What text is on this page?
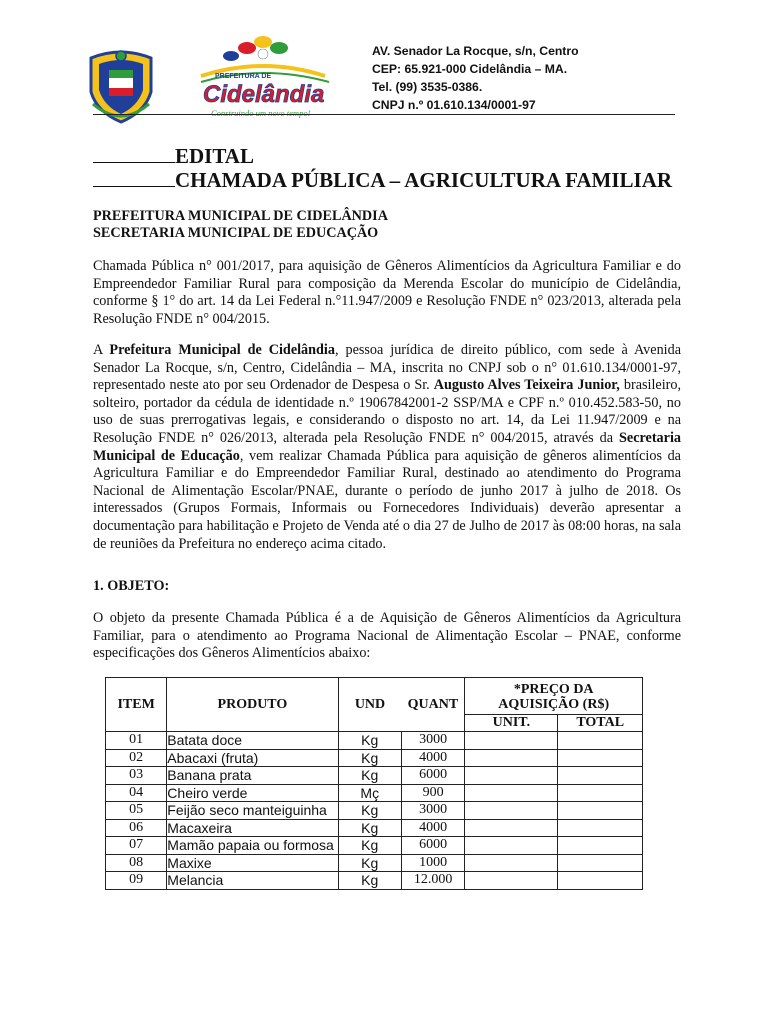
PREFEITURA DE
Cidelândia
Construindo um novo tempo!
AV. Senador La Rocque, s/n, Centro
CEP: 65.921-000 Cidelândia – MA.
Tel. (99) 3535-0386.
CNPJ n.º 01.610.134/0001-97
EDITAL
CHAMADA PÚBLICA – AGRICULTURA FAMILIAR
PREFEITURA MUNICIPAL DE CIDELÂNDIA
SECRETARIA MUNICIPAL DE EDUCAÇÃO
Chamada Pública n° 001/2017, para aquisição de Gêneros Alimentícios da Agricultura Familiar e do Empreendedor Familiar Rural para composição da Merenda Escolar do município de Cidelândia, conforme § 1° do art. 14 da Lei Federal n.°11.947/2009 e Resolução FNDE n° 023/2013, alterada pela Resolução FNDE n° 004/2015.
A Prefeitura Municipal de Cidelândia, pessoa jurídica de direito público, com sede à Avenida Senador La Rocque, s/n, Centro, Cidelândia – MA, inscrita no CNPJ sob o n° 01.610.134/0001-97, representado neste ato por seu Ordenador de Despesa o Sr. Augusto Alves Teixeira Junior, brasileiro, solteiro, portador da cédula de identidade n.º 19067842001-2 SSP/MA e CPF n.º 010.452.583-50, no uso de suas prerrogativas legais, e considerando o disposto no art. 14, da Lei 11.947/2009 e na Resolução FNDE n° 026/2013, alterada pela Resolução FNDE n° 004/2015, através da Secretaria Municipal de Educação, vem realizar Chamada Pública para aquisição de gêneros alimentícios da Agricultura Familiar e do Empreendedor Familiar Rural, destinado ao atendimento do Programa Nacional de Alimentação Escolar/PNAE, durante o período de junho 2017 à julho de 2018. Os interessados (Grupos Formais, Informais ou Fornecedores Individuais) deverão apresentar a documentação para habilitação e Projeto de Venda até o dia 27 de Julho de 2017 às 08:00 horas, na sala de reuniões da Prefeitura no endereço acima citado.
1. OBJETO:
O objeto da presente Chamada Pública é a de Aquisição de Gêneros Alimentícios da Agricultura Familiar, para o atendimento ao Programa Nacional de Alimentação Escolar – PNAE, conforme especificações dos Gêneros Alimentícios abaixo:
ITEM	PRODUTO	UND	QUANT	*PREÇO DA
AQUISIÇÃO (R$)	

				UNIT.	TOTAL
01	Batata doce	Kg	3000		
02	Abacaxi (fruta)	Kg	4000		
03	Banana prata	Kg	6000		
04	Cheiro verde	Mç	900		
05	Feijão seco manteiguinha	Kg	3000		
06	Macaxeira	Kg	4000		
07	Mamão papaia ou formosa	Kg	6000		
08	Maxixe	Kg	1000		
09	Melancia	Kg	12.000		
